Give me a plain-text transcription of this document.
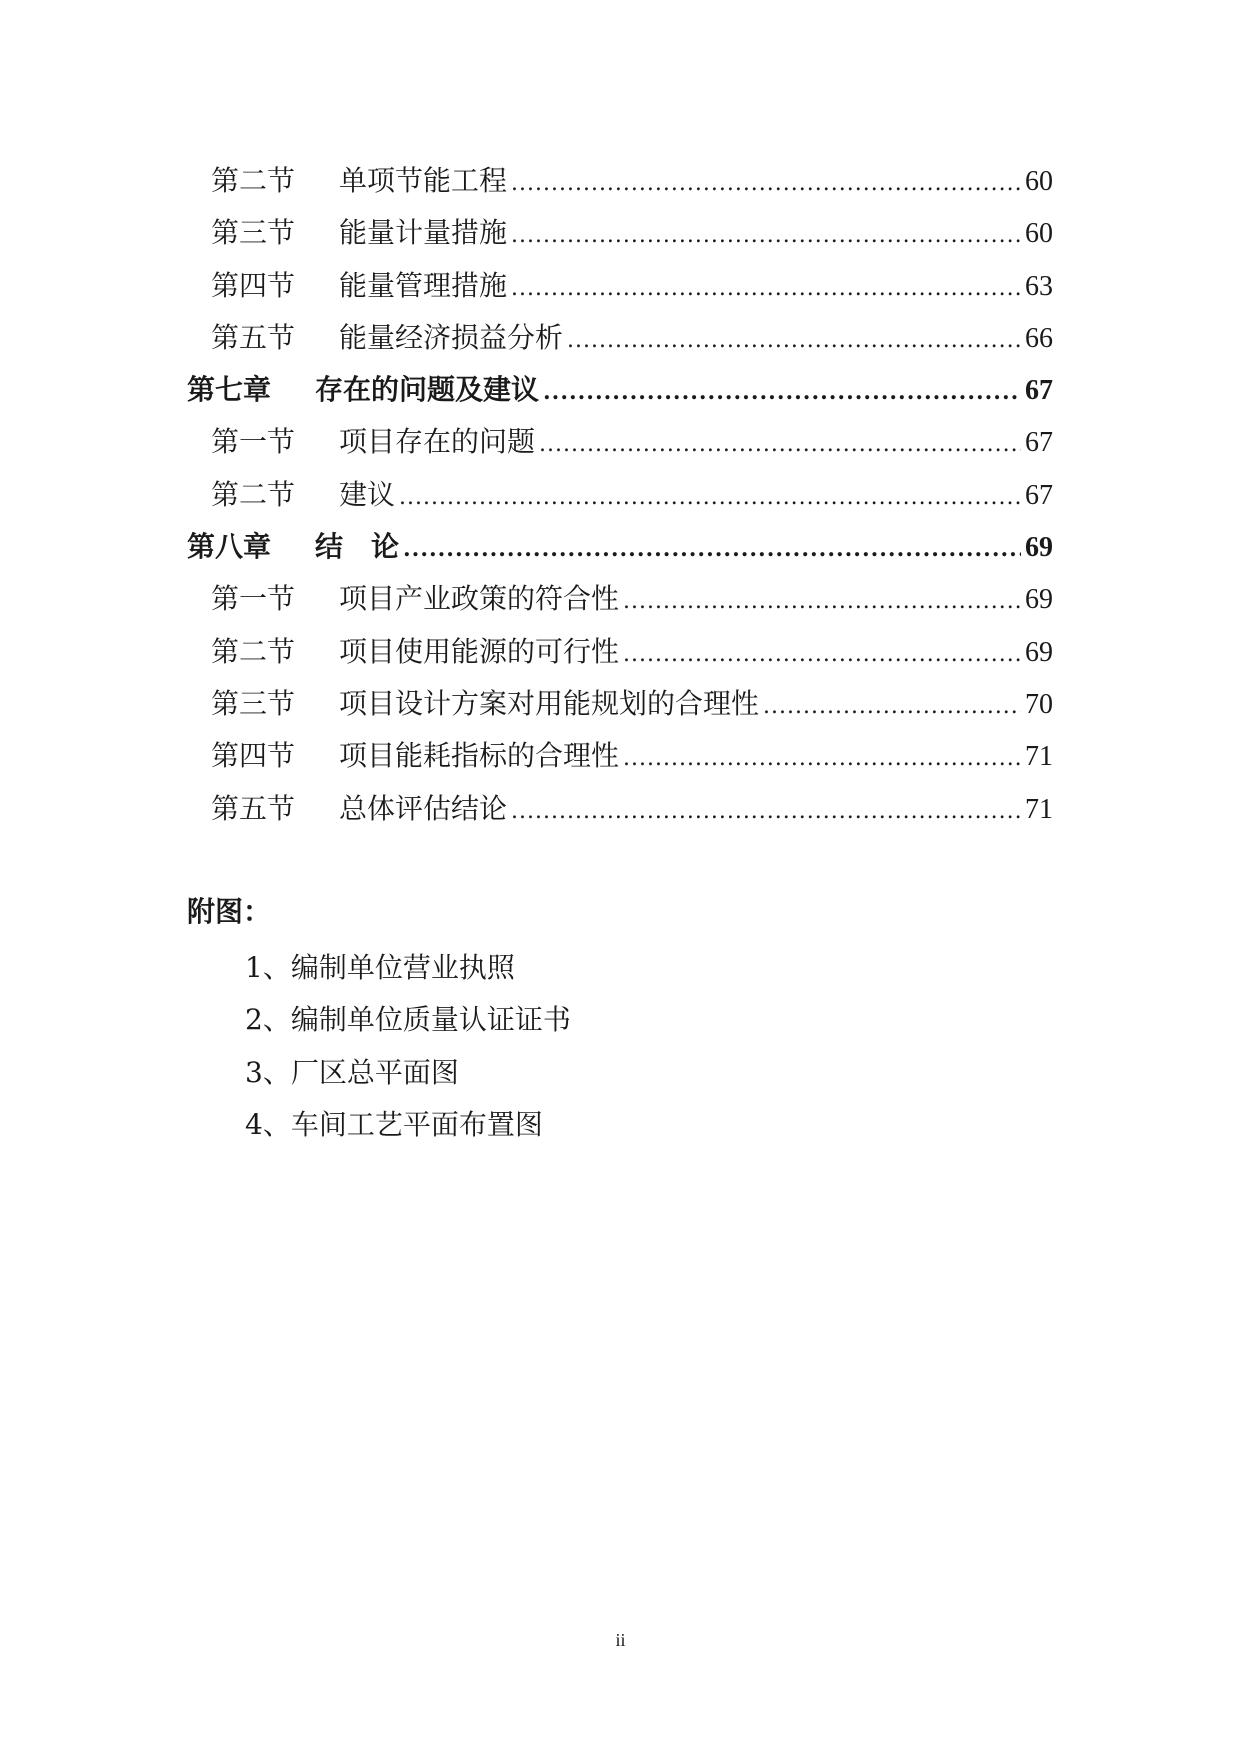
第二节 单项节能工程 .....	60
第三节 能量计量措施 .....	60
第四节 能量管理措施 .....	63
第五节 能量经济损益分析 .....	66
第七章 存在的问题及建议 .....	67
第一节 项目存在的问题 .....	67
第二节 建议 .....	67
第八章 结　论 .....	69
第一节 项目产业政策的符合性 .....	69
第二节 项目使用能源的可行性 .....	69
第三节 项目设计方案对用能规划的合理性 .....	70
第四节 项目能耗指标的合理性 .....	71
第五节 总体评估结论 .....	71
附图：
1、编制单位营业执照
2、编制单位质量认证证书
3、厂区总平面图
4、车间工艺平面布置图
ii
